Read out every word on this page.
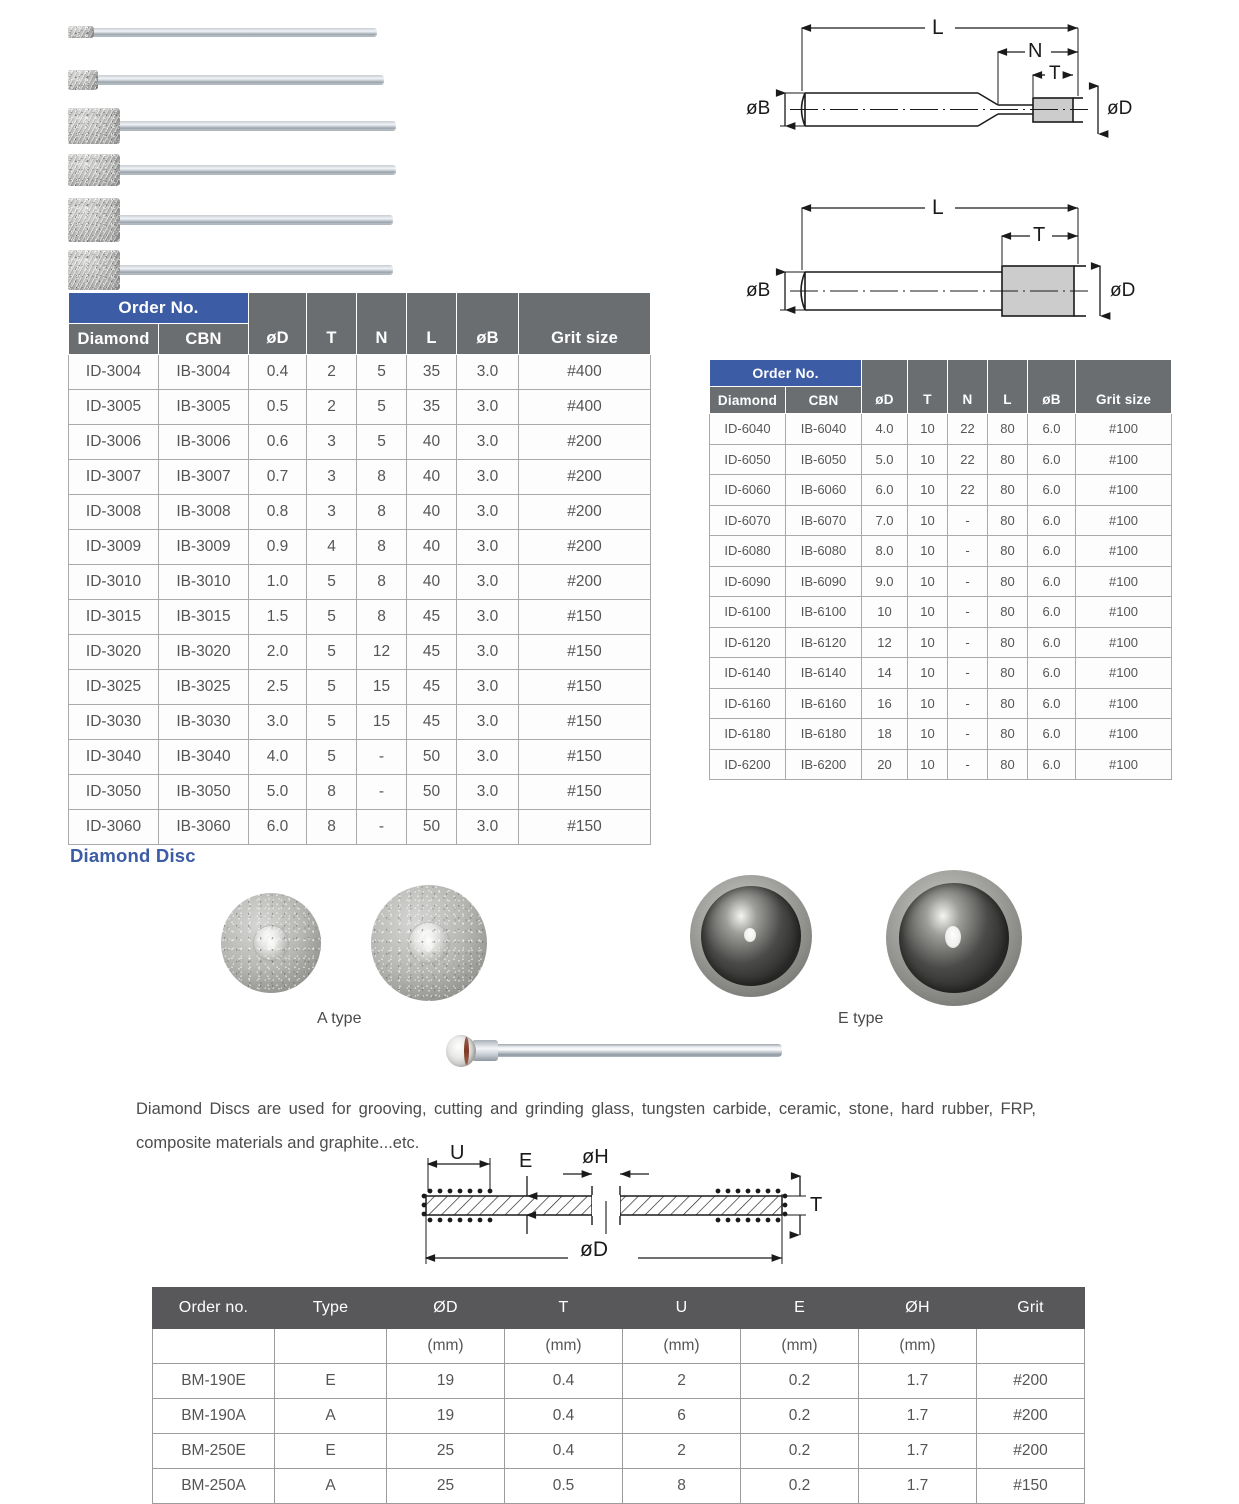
L
N
T
øB	øD
L
T
øB	øD
Order No.		øD	T	N	L	øB	Grit size
Diamond	CBN						
ID-3004	IB-3004	0.4	2	5	35	3.0	#400
ID-3005	IB-3005	0.5	2	5	35	3.0	#400
ID-3006	IB-3006	0.6	3	5	40	3.0	#200
ID-3007	IB-3007	0.7	3	8	40	3.0	#200
ID-3008	IB-3008	0.8	3	8	40	3.0	#200
ID-3009	IB-3009	0.9	4	8	40	3.0	#200
ID-3010	IB-3010	1.0	5	8	40	3.0	#200
ID-3015	IB-3015	1.5	5	8	45	3.0	#150
ID-3020	IB-3020	2.0	5	12	45	3.0	#150
ID-3025	IB-3025	2.5	5	15	45	3.0	#150
ID-3030	IB-3030	3.0	5	15	45	3.0	#150
ID-3040	IB-3040	4.0	5	-	50	3.0	#150
ID-3050	IB-3050	5.0	8	-	50	3.0	#150
ID-3060	IB-3060	6.0	8	-	50	3.0	#150
Order No.		øD	T	N	L	øB	Grit size
Diamond	CBN						
ID-6040	IB-6040	4.0	10	22	80	6.0	#100
ID-6050	IB-6050	5.0	10	22	80	6.0	#100
ID-6060	IB-6060	6.0	10	22	80	6.0	#100
ID-6070	IB-6070	7.0	10	-	80	6.0	#100
ID-6080	IB-6080	8.0	10	-	80	6.0	#100
ID-6090	IB-6090	9.0	10	-	80	6.0	#100
ID-6100	IB-6100	10	10	-	80	6.0	#100
ID-6120	IB-6120	12	10	-	80	6.0	#100
ID-6140	IB-6140	14	10	-	80	6.0	#100
ID-6160	IB-6160	16	10	-	80	6.0	#100
ID-6180	IB-6180	18	10	-	80	6.0	#100
ID-6200	IB-6200	20	10	-	80	6.0	#100
Diamond Disc
A type	E type
Diamond Discs are used for grooving, cutting and grinding glass, tungsten carbide, ceramic, stone, hard rubber, FRP, composite materials and graphite...etc.	U	E øH
T
øD
Order no.	Type	ØD	T	U	E	ØH	Grit
		(mm)	(mm)	(mm)	(mm)	(mm)	
BM-190E	E	19	0.4	2	0.2	1.7	#200
BM-190A	A	19	0.4	6	0.2	1.7	#200
BM-250E	E	25	0.4	2	0.2	1.7	#200
BM-250A	A	25	0.5	8	0.2	1.7	#150
